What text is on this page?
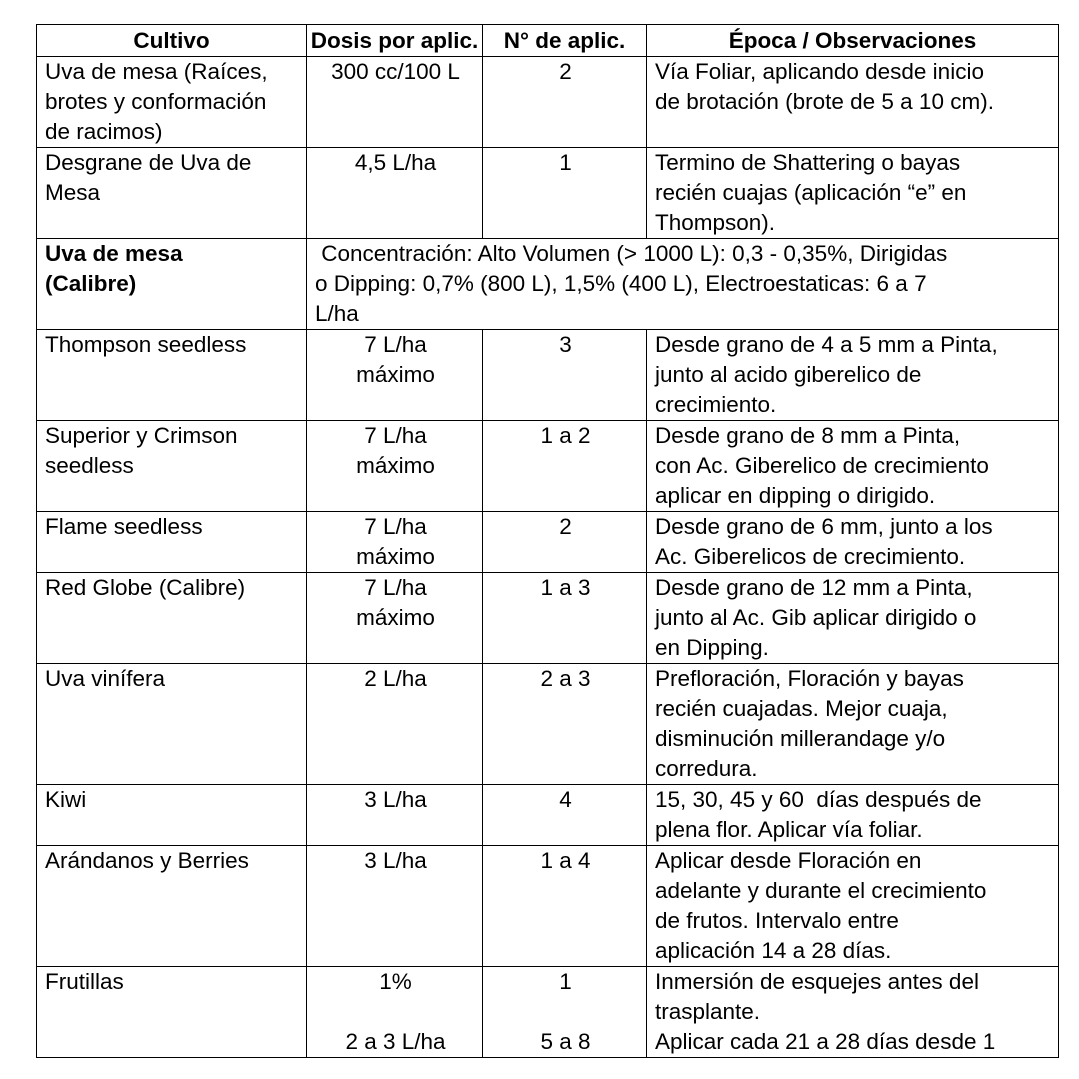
Cultivo	Dosis por aplic.	N° de aplic.	Época / Observaciones

Uva de mesa (Raíces,
brotes y conformación
de racimos)	300 cc/100 L	2	Vía Foliar, aplicando desde inicio
de brotación (brote de 5 a 10 cm).

Desgrane de Uva de
Mesa	4,5 L/ha	1	Termino de Shattering o bayas
recién cuajas (aplicación “e” en
Thompson).

Uva de mesa
(Calibre)	Concentración: Alto Volumen (> 1000 L): 0,3 - 0,35%, Dirigidas
o Dipping: 0,7% (800 L), 1,5% (400 L), Electroestaticas: 6 a 7
L/ha		

Thompson seedless	7 L/ha
máximo	3	Desde grano de 4 a 5 mm a Pinta,
junto al acido giberelico de
crecimiento.

Superior y Crimson
seedless	7 L/ha
máximo	1 a 2	Desde grano de 8 mm a Pinta,
con Ac. Giberelico de crecimiento
aplicar en dipping o dirigido.

Flame seedless	7 L/ha
máximo	2	Desde grano de 6 mm, junto a los
Ac. Giberelicos de crecimiento.

Red Globe (Calibre)	7 L/ha
máximo	1 a 3	Desde grano de 12 mm a Pinta,
junto al Ac. Gib aplicar dirigido o
en Dipping.

Uva vinífera	2 L/ha	2 a 3	Prefloración, Floración y bayas
recién cuajadas. Mejor cuaja,
disminución millerandage y/o
corredura.

Kiwi	3 L/ha	4	15, 30, 45 y 60  días después de
plena flor. Aplicar vía foliar.

Arándanos y Berries	3 L/ha	1 a 4	Aplicar desde Floración en
adelante y durante el crecimiento
de frutos. Intervalo entre
aplicación 14 a 28 días.

Frutillas	1%
2 a 3 L/ha	1
5 a 8	Inmersión de esquejes antes del
trasplante.
Aplicar cada 21 a 28 días desde 1
